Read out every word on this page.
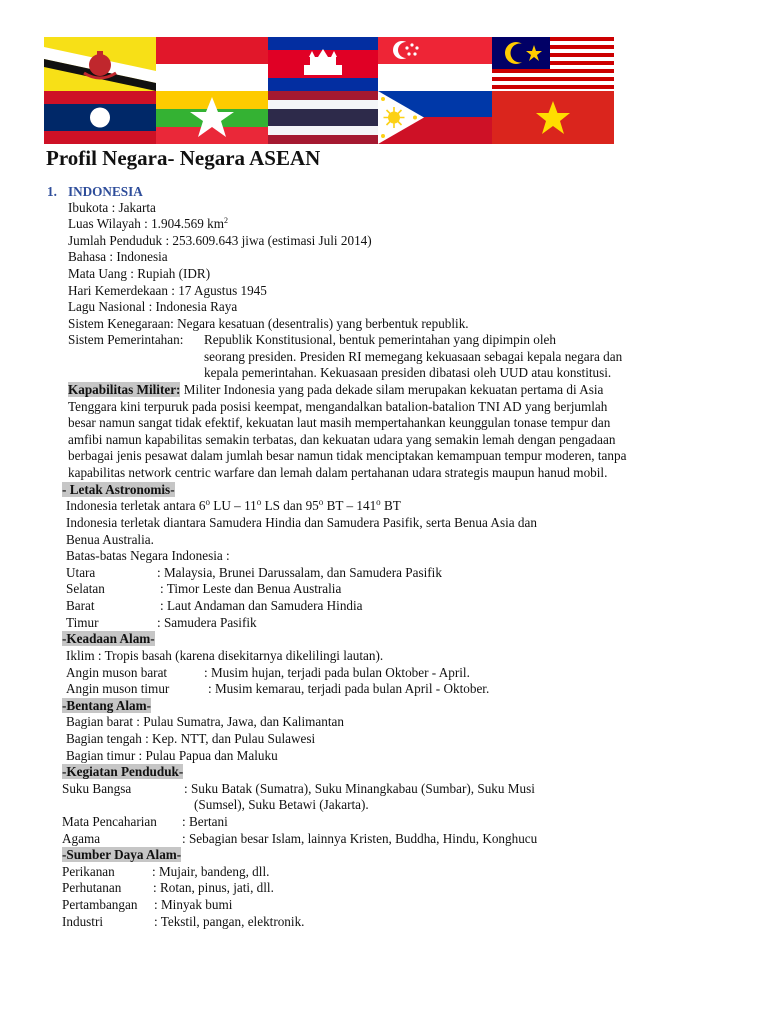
Profil Negara- Negara ASEAN
1. INDONESIA
Ibukota : Jakarta
Luas Wilayah : 1.904.569 $km^2$
Jumlah Penduduk : 253.609.643 jiwa (estimasi Juli 2014)
Bahasa : Indonesia
Mata Uang : Rupiah (IDR)
Hari Kemerdekaan : 17 Agustus 1945
Lagu Nasional : Indonesia Raya
Sistem Kenegaraan: Negara kesatuan (desentralis) yang berbentuk republik.
Sistem Pemerintahan: Republik Konstitusional, bentuk pemerintahan yang dipimpin oleh
seorang presiden. Presiden RI memegang kekuasaan sebagai kepala negara dan
kepala pemerintahan. Kekuasaan presiden dibatasi oleh UUD atau konstitusi.
Kapabilitas Militer: Militer Indonesia yang pada dekade silam merupakan kekuatan pertama di Asia
Tenggara kini terpuruk pada posisi keempat, mengandalkan batalion-batalion TNI AD yang berjumlah
besar namun sangat tidak efektif, kekuatan laut masih mempertahankan keunggulan tonase tempur dan
amfibi namun kapabilitas semakin terbatas, dan kekuatan udara yang semakin lemah dengan pengadaan
berbagai jenis pesawat dalam jumlah besar namun tidak menciptakan kemampuan tempur moderen, tanpa
kapabilitas network centric warfare dan lemah dalam pertahanan udara strategis maupun hanud mobil.
- Letak Astronomis-
Indonesia terletak antara 6$^o$ LU – 11$^o$ LS dan 95$^o$ BT – 141$^o$ BT
Indonesia terletak diantara Samudera Hindia dan Samudera Pasifik, serta Benua Asia dan
Benua Australia.
Batas-batas Negara Indonesia :
Utara	: Malaysia, Brunei Darussalam, dan Samudera Pasifik
Selatan	: Timor Leste dan Benua Australia
Barat	: Laut Andaman dan Samudera Hindia
Timur	: Samudera Pasifik
-Keadaan Alam-
Iklim : Tropis basah (karena disekitarnya dikelilingi lautan).
Angin muson barat	: Musim hujan, terjadi pada bulan Oktober - April.
Angin muson timur	: Musim kemarau, terjadi pada bulan April - Oktober.
-Bentang Alam-
Bagian barat : Pulau Sumatra, Jawa, dan Kalimantan
Bagian tengah : Kep. NTT, dan Pulau Sulawesi
Bagian timur : Pulau Papua dan Maluku
-Kegiatan Penduduk-
Suku Bangsa	: Suku Batak (Sumatra), Suku Minangkabau (Sumbar), Suku Musi
(Sumsel), Suku Betawi (Jakarta).
Mata Pencaharian : Bertani
Agama	: Sebagian besar Islam, lainnya Kristen, Buddha, Hindu, Konghucu
-Sumber Daya Alam-
Perikanan	: Mujair, bandeng, dll.
Perhutanan : Rotan, pinus, jati, dll.
Pertambangan : Minyak bumi
Industri	: Tekstil, pangan, elektronik.
